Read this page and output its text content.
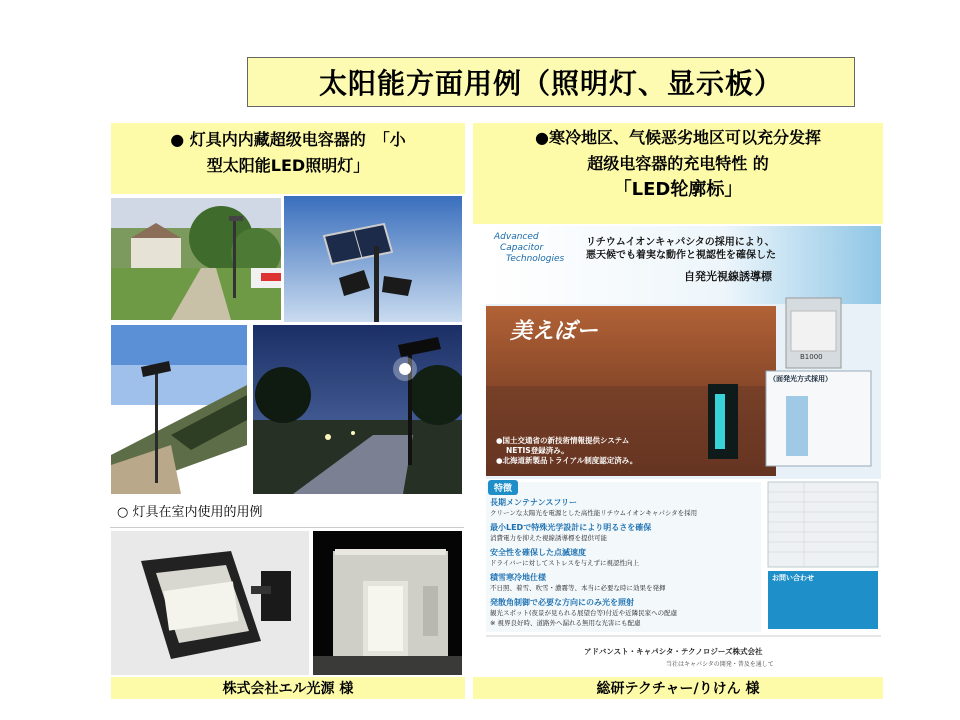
太阳能方面用例（照明灯、显示板）
● 灯具内内藏超级电容器的　「小
型太阳能LED照明灯」
●寒冷地区、气候恶劣地区可以充分发挥
超级电容器的充电特性 的
「LED轮廓标」
○ 灯具在室内使用的用例
株式会社エル光源 様
Advanced
Capacitor
Technologies
リチウムイオンキャパシタの採用により、
悪天候でも着実な動作と視認性を確保した
自発光視線誘導標
美えぼー
B1000
（面発光方式採用）
●国土交通省の新技術情報提供システム
NETIS登録済み。
●北海道新製品トライアル制度認定済み。
特徴
長期メンテナンスフリー
クリーンな太陽光を電源とした高性能リチウムイオンキャパシタを採用
最小LEDで特殊光学設計により明るさを確保
消費電力を抑えた視線誘導標を提供可能
安全性を確保した点滅速度
ドライバーに対してストレスを与えずに視認性向上
積雪寒冷地仕様
不日照、着雪、吹雪・濃霧等、本当に必要な時に効果を発揮
発散角制御で必要な方向にのみ光を照射
観光スポット(夜景が見られる展望台等)付近や近隣民家への配慮
※ 視界良好時、道路外へ漏れる無用な光害にも配慮
お問い合わせ
アドバンスト・キャパシタ・テクノロジーズ株式会社
当社はキャパシタの開発・普及を通して
総研テクチャー/りけん 様
